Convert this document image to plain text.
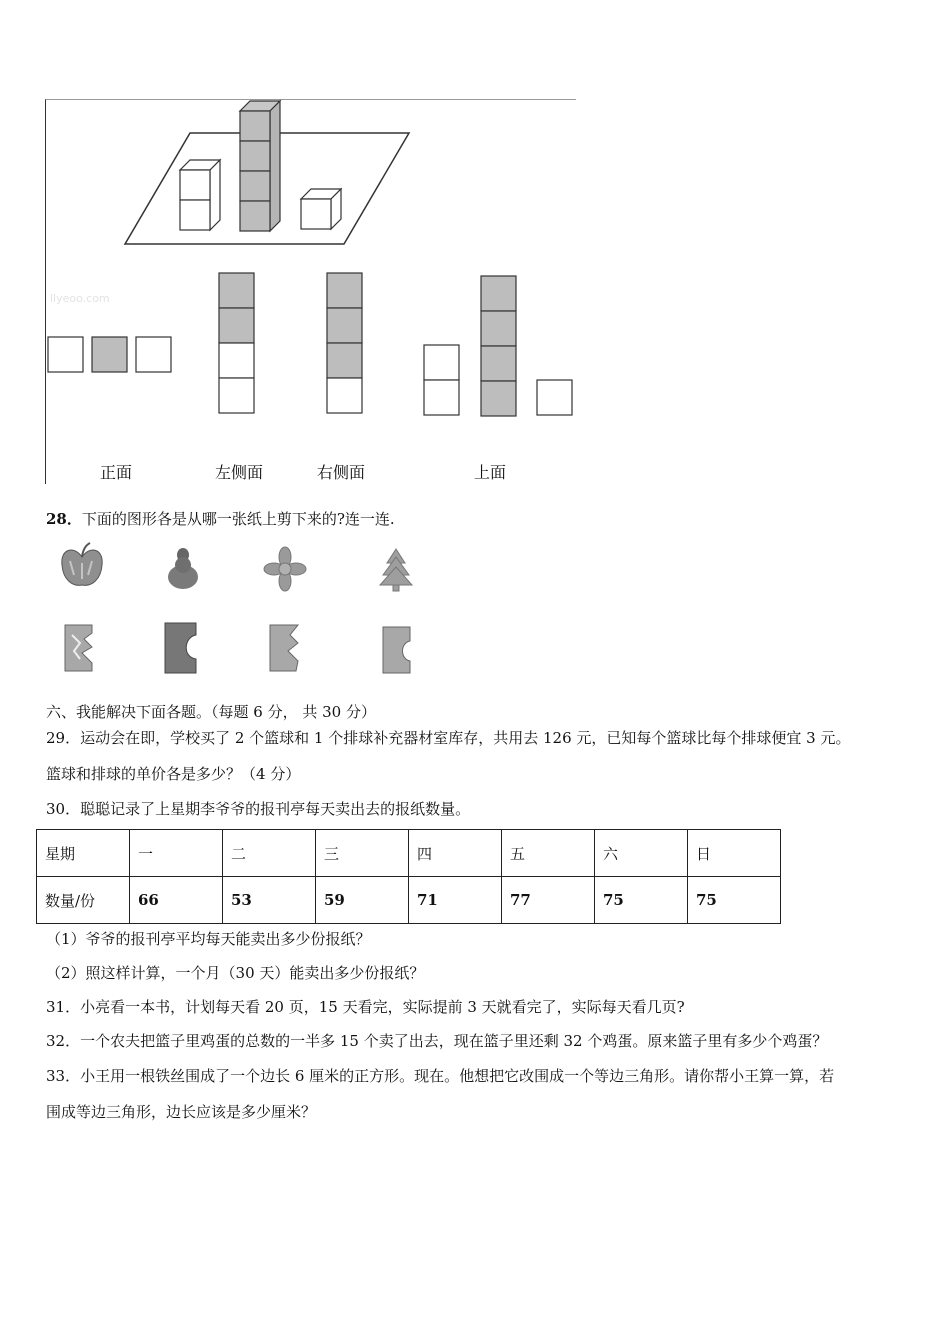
llyeoo.com
正面	左侧面	右侧面	上面
28．下面的图形各是从哪一张纸上剪下来的?连一连.
六、我能解决下面各题。（每题 6 分， 共 30 分）
29．运动会在即，学校买了 2 个篮球和 1 个排球补充器材室库存，共用去 126 元，已知每个篮球比每个排球便宜 3 元。
篮球和排球的单价各是多少？（4 分）
30．聪聪记录了上星期李爷爷的报刊亭每天卖出去的报纸数量。
星期	一	二	三	四	五	六	日
数量/份	66	53	59	71	77	75	75
（1）爷爷的报刊亭平均每天能卖出多少份报纸？
（2）照这样计算，一个月（30 天）能卖出多少份报纸？
31．小亮看一本书，计划每天看 20 页，15 天看完，实际提前 3 天就看完了，实际每天看几页?
32．一个农夫把篮子里鸡蛋的总数的一半多 15 个卖了出去，现在篮子里还剩 32 个鸡蛋。原来篮子里有多少个鸡蛋？
33．小王用一根铁丝围成了一个边长 6 厘米的正方形。现在。他想把它改围成一个等边三角形。请你帮小王算一算，若
围成等边三角形，边长应该是多少厘米？
